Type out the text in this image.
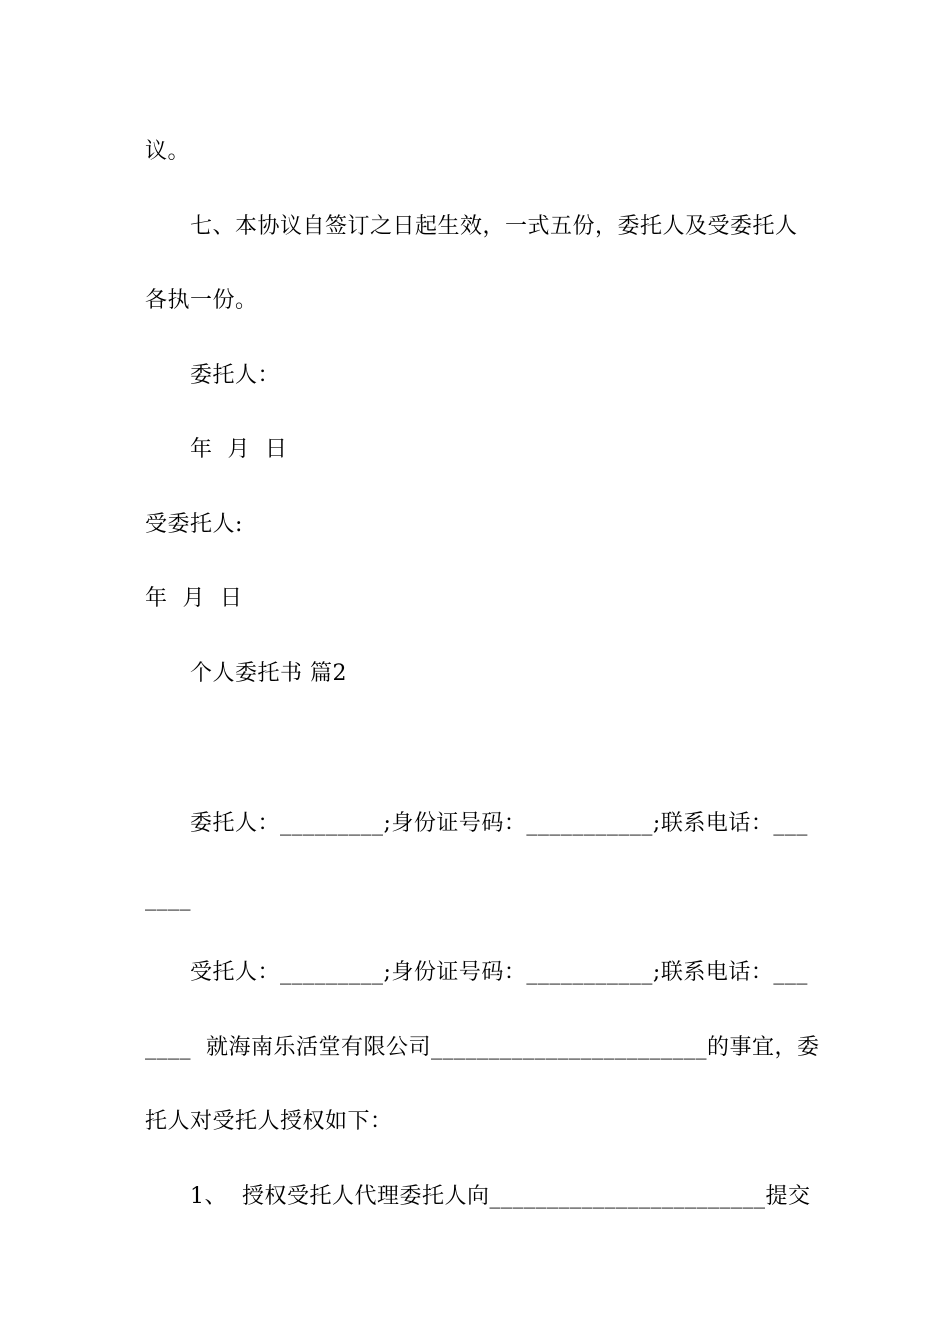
议。
七、本协议自签订之日起生效，一式五份，委托人及受委托人
各执一份。
委托人：
年  月  日
受委托人:
年  月  日
个人委托书 篇2
委托人：_________;身份证号码：___________;联系电话：___
____
受托人：_________;身份证号码：___________;联系电话：___
____  就海南乐活堂有限公司________________________的事宜，委
托人对受托人授权如下：
1、  授权受托人代理委托人向________________________提交
